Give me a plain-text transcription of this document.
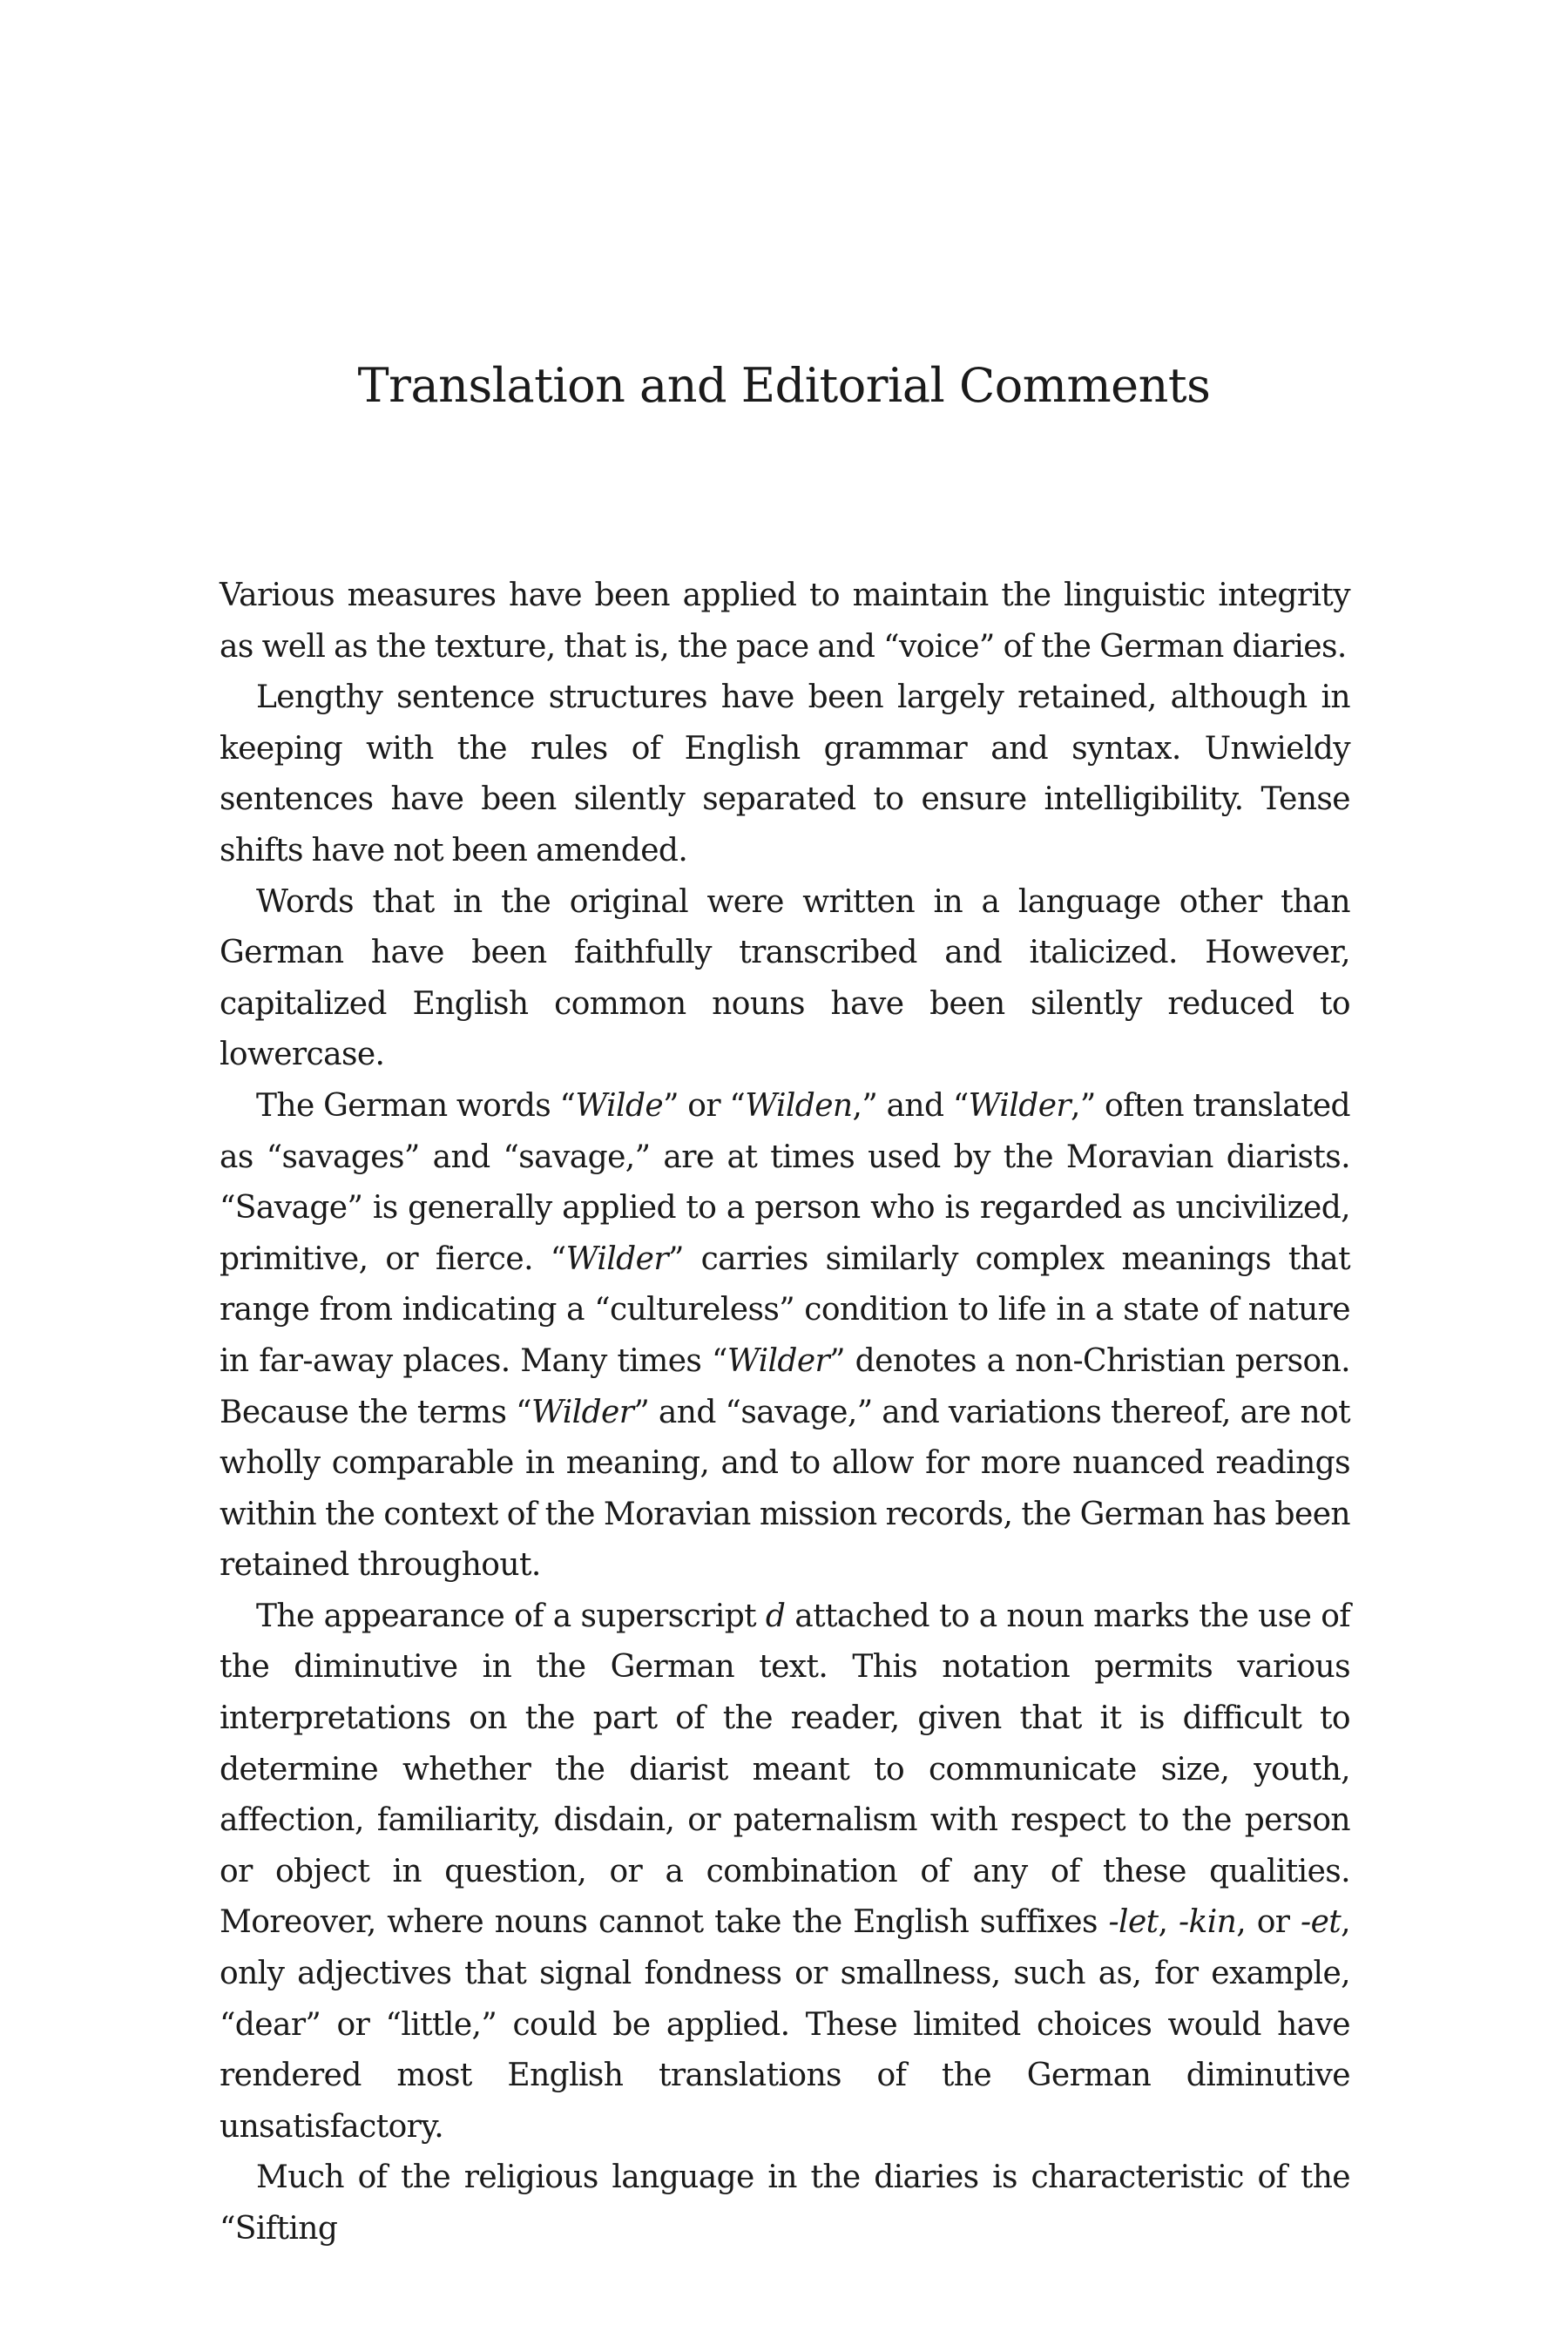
Translation and Editorial Comments

Various measures have been applied to maintain the linguistic integrity as well as the texture, that is, the pace and “voice” of the German diaries.

Lengthy sentence structures have been largely retained, although in keeping with the rules of English grammar and syntax. Unwieldy sentences have been silently separated to ensure intelligibility. Tense shifts have not been amended.

Words that in the original were written in a language other than German have been faithfully transcribed and italicized. However, capitalized English common nouns have been silently reduced to lowercase.

The German words “Wilde” or “Wilden,” and “Wilder,” often translated as “savages” and “savage,” are at times used by the Moravian diarists. “Savage” is generally applied to a person who is regarded as uncivilized, primitive, or fierce. “Wilder” carries similarly complex meanings that range from indicating a “cultureless” condition to life in a state of nature in far-away places. Many times “Wilder” denotes a non-Christian person. Because the terms “Wilder” and “savage,” and variations thereof, are not wholly comparable in meaning, and to allow for more nuanced readings within the context of the Moravian mission records, the German has been retained throughout.

The appearance of a superscript d attached to a noun marks the use of the diminutive in the German text. This notation permits various interpretations on the part of the reader, given that it is difficult to determine whether the diarist meant to communicate size, youth, affection, familiarity, disdain, or paternalism with respect to the person or object in question, or a combination of any of these qualities. Moreover, where nouns cannot take the English suffixes -let, -kin, or -et, only adjectives that signal fondness or smallness, such as, for example, “dear” or “little,” could be applied. These limited choices would have rendered most English translations of the German diminutive unsatisfactory.

Much of the religious language in the diaries is characteristic of the “Sifting
